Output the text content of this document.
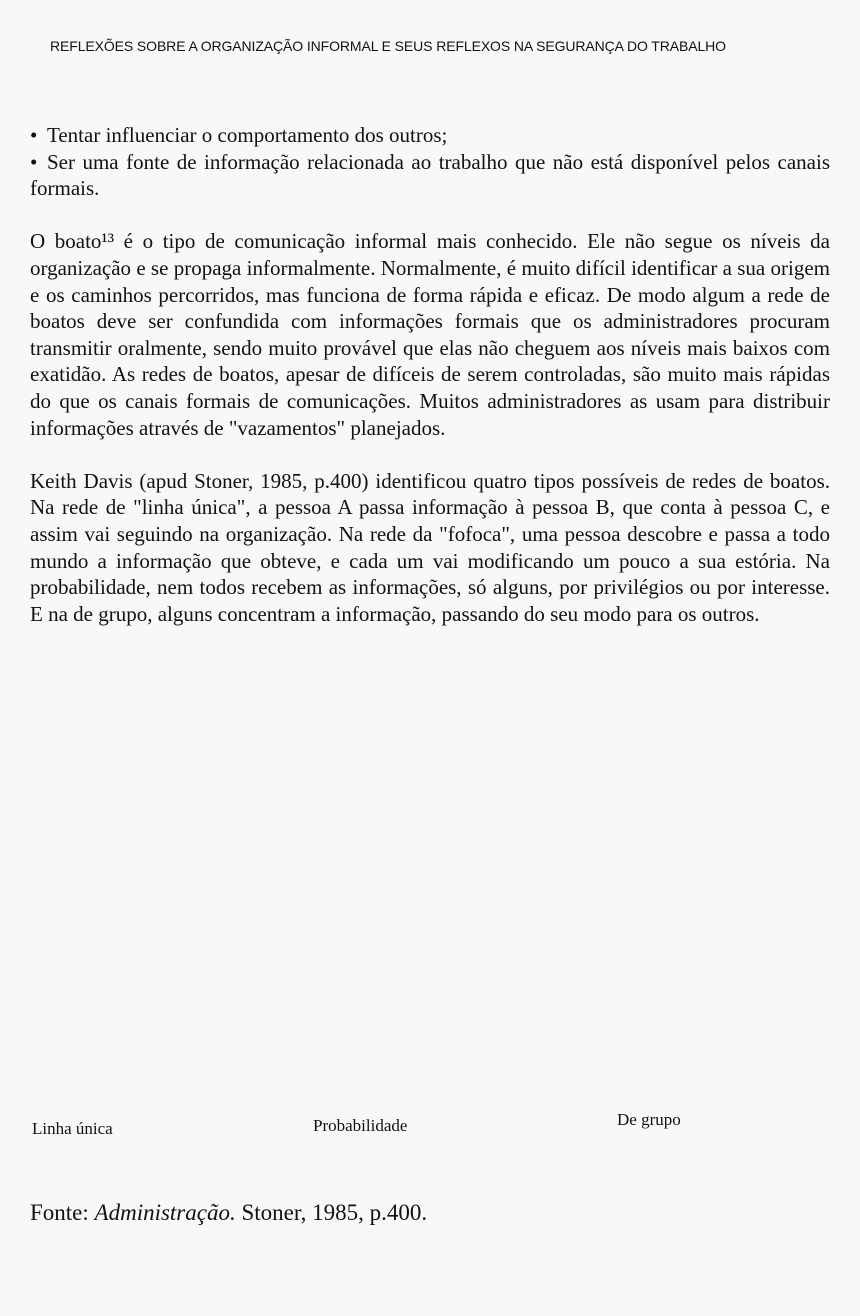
REFLEXÕES SOBRE A ORGANIZAÇÃO INFORMAL E SEUS REFLEXOS NA SEGURANÇA DO TRABALHO

• Tentar influenciar o comportamento dos outros;

• Ser uma fonte de informação relacionada ao trabalho que não está disponível pelos canais formais.

O boato¹³ é o tipo de comunicação informal mais conhecido. Ele não segue os níveis da organização e se propaga informalmente. Normalmente, é muito difícil identificar a sua origem e os caminhos percorridos, mas funciona de forma rápida e eficaz. De modo algum a rede de boatos deve ser confundida com informações formais que os administradores procuram transmitir oralmente, sendo muito provável que elas não cheguem aos níveis mais baixos com exatidão. As redes de boatos, apesar de difíceis de serem controladas, são muito mais rápidas do que os canais formais de comunicações. Muitos administradores as usam para distribuir informações através de "vazamentos" planejados.

Keith Davis (apud Stoner, 1985, p.400) identificou quatro tipos possíveis de redes de boatos. Na rede de "linha única", a pessoa A passa informação à pessoa B, que conta à pessoa C, e assim vai seguindo na organização. Na rede da "fofoca", uma pessoa descobre e passa a todo mundo a informação que obteve, e cada um vai modificando um pouco a sua estória. Na probabilidade, nem todos recebem as informações, só alguns, por privilégios ou por interesse. E na de grupo, alguns concentram a informação, passando do seu modo para os outros.

Linha única	Probabilidade	De grupo
Fonte: Administração. Stoner, 1985, p.400.
